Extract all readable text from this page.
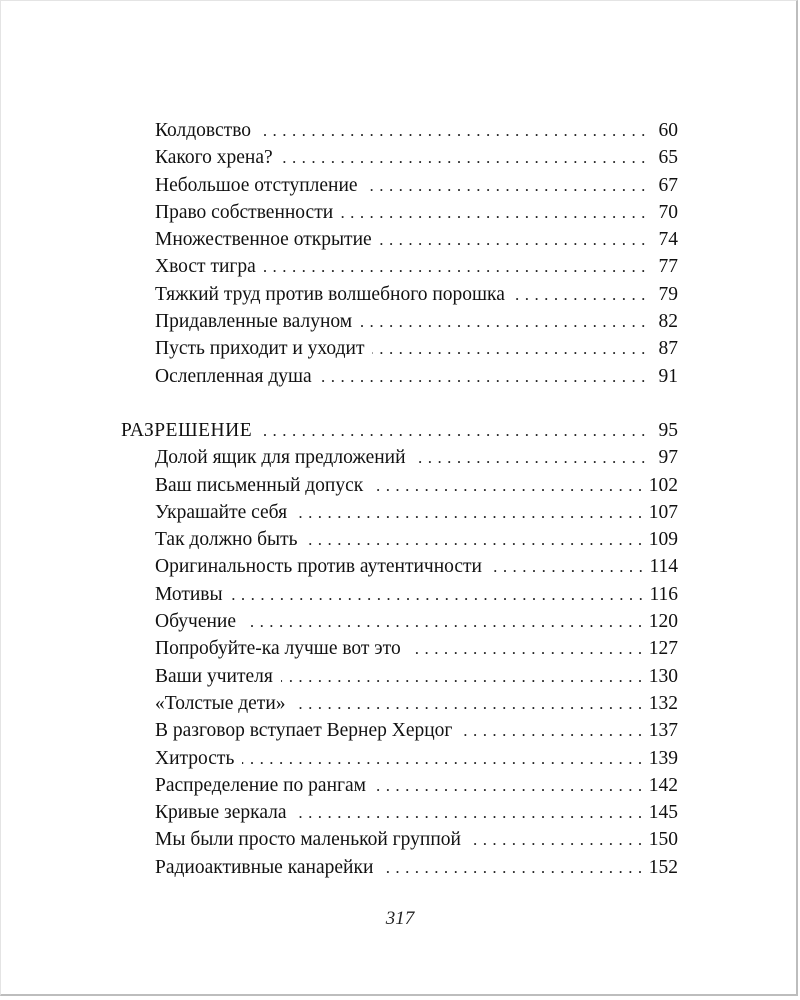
Колдовство . . .	60
Какого хрена? . . .	65
Небольшое отступление . . .	67
Право собственности . . .	70
Множественное открытие . . .	74
Хвост тигра . . .	77
Тяжкий труд против волшебного порошка . . .	79
Придавленные валуном . . .	82
Пусть приходит и уходит . . .	87
Ослепленная душа . . .	91
РАЗРЕШЕНИЕ . . .	95
Долой ящик для предложений . . .	97
Ваш письменный допуск . . .	102
Украшайте себя . . .	107
Так должно быть . . .	109
Оригинальность против аутентичности . . .	114
Мотивы . . .	116
Обучение . . .	120
Попробуйте-ка лучше вот это . . .	127
Ваши учителя . . .	130
«Толстые дети» . . .	132
В разговор вступает Вернер Херцог . . .	137
Хитрость . . .	139
Распределение по рангам . . .	142
Кривые зеркала . . .	145
Мы были просто маленькой группой . . .	150
Радиоактивные канарейки . . .	152
317
